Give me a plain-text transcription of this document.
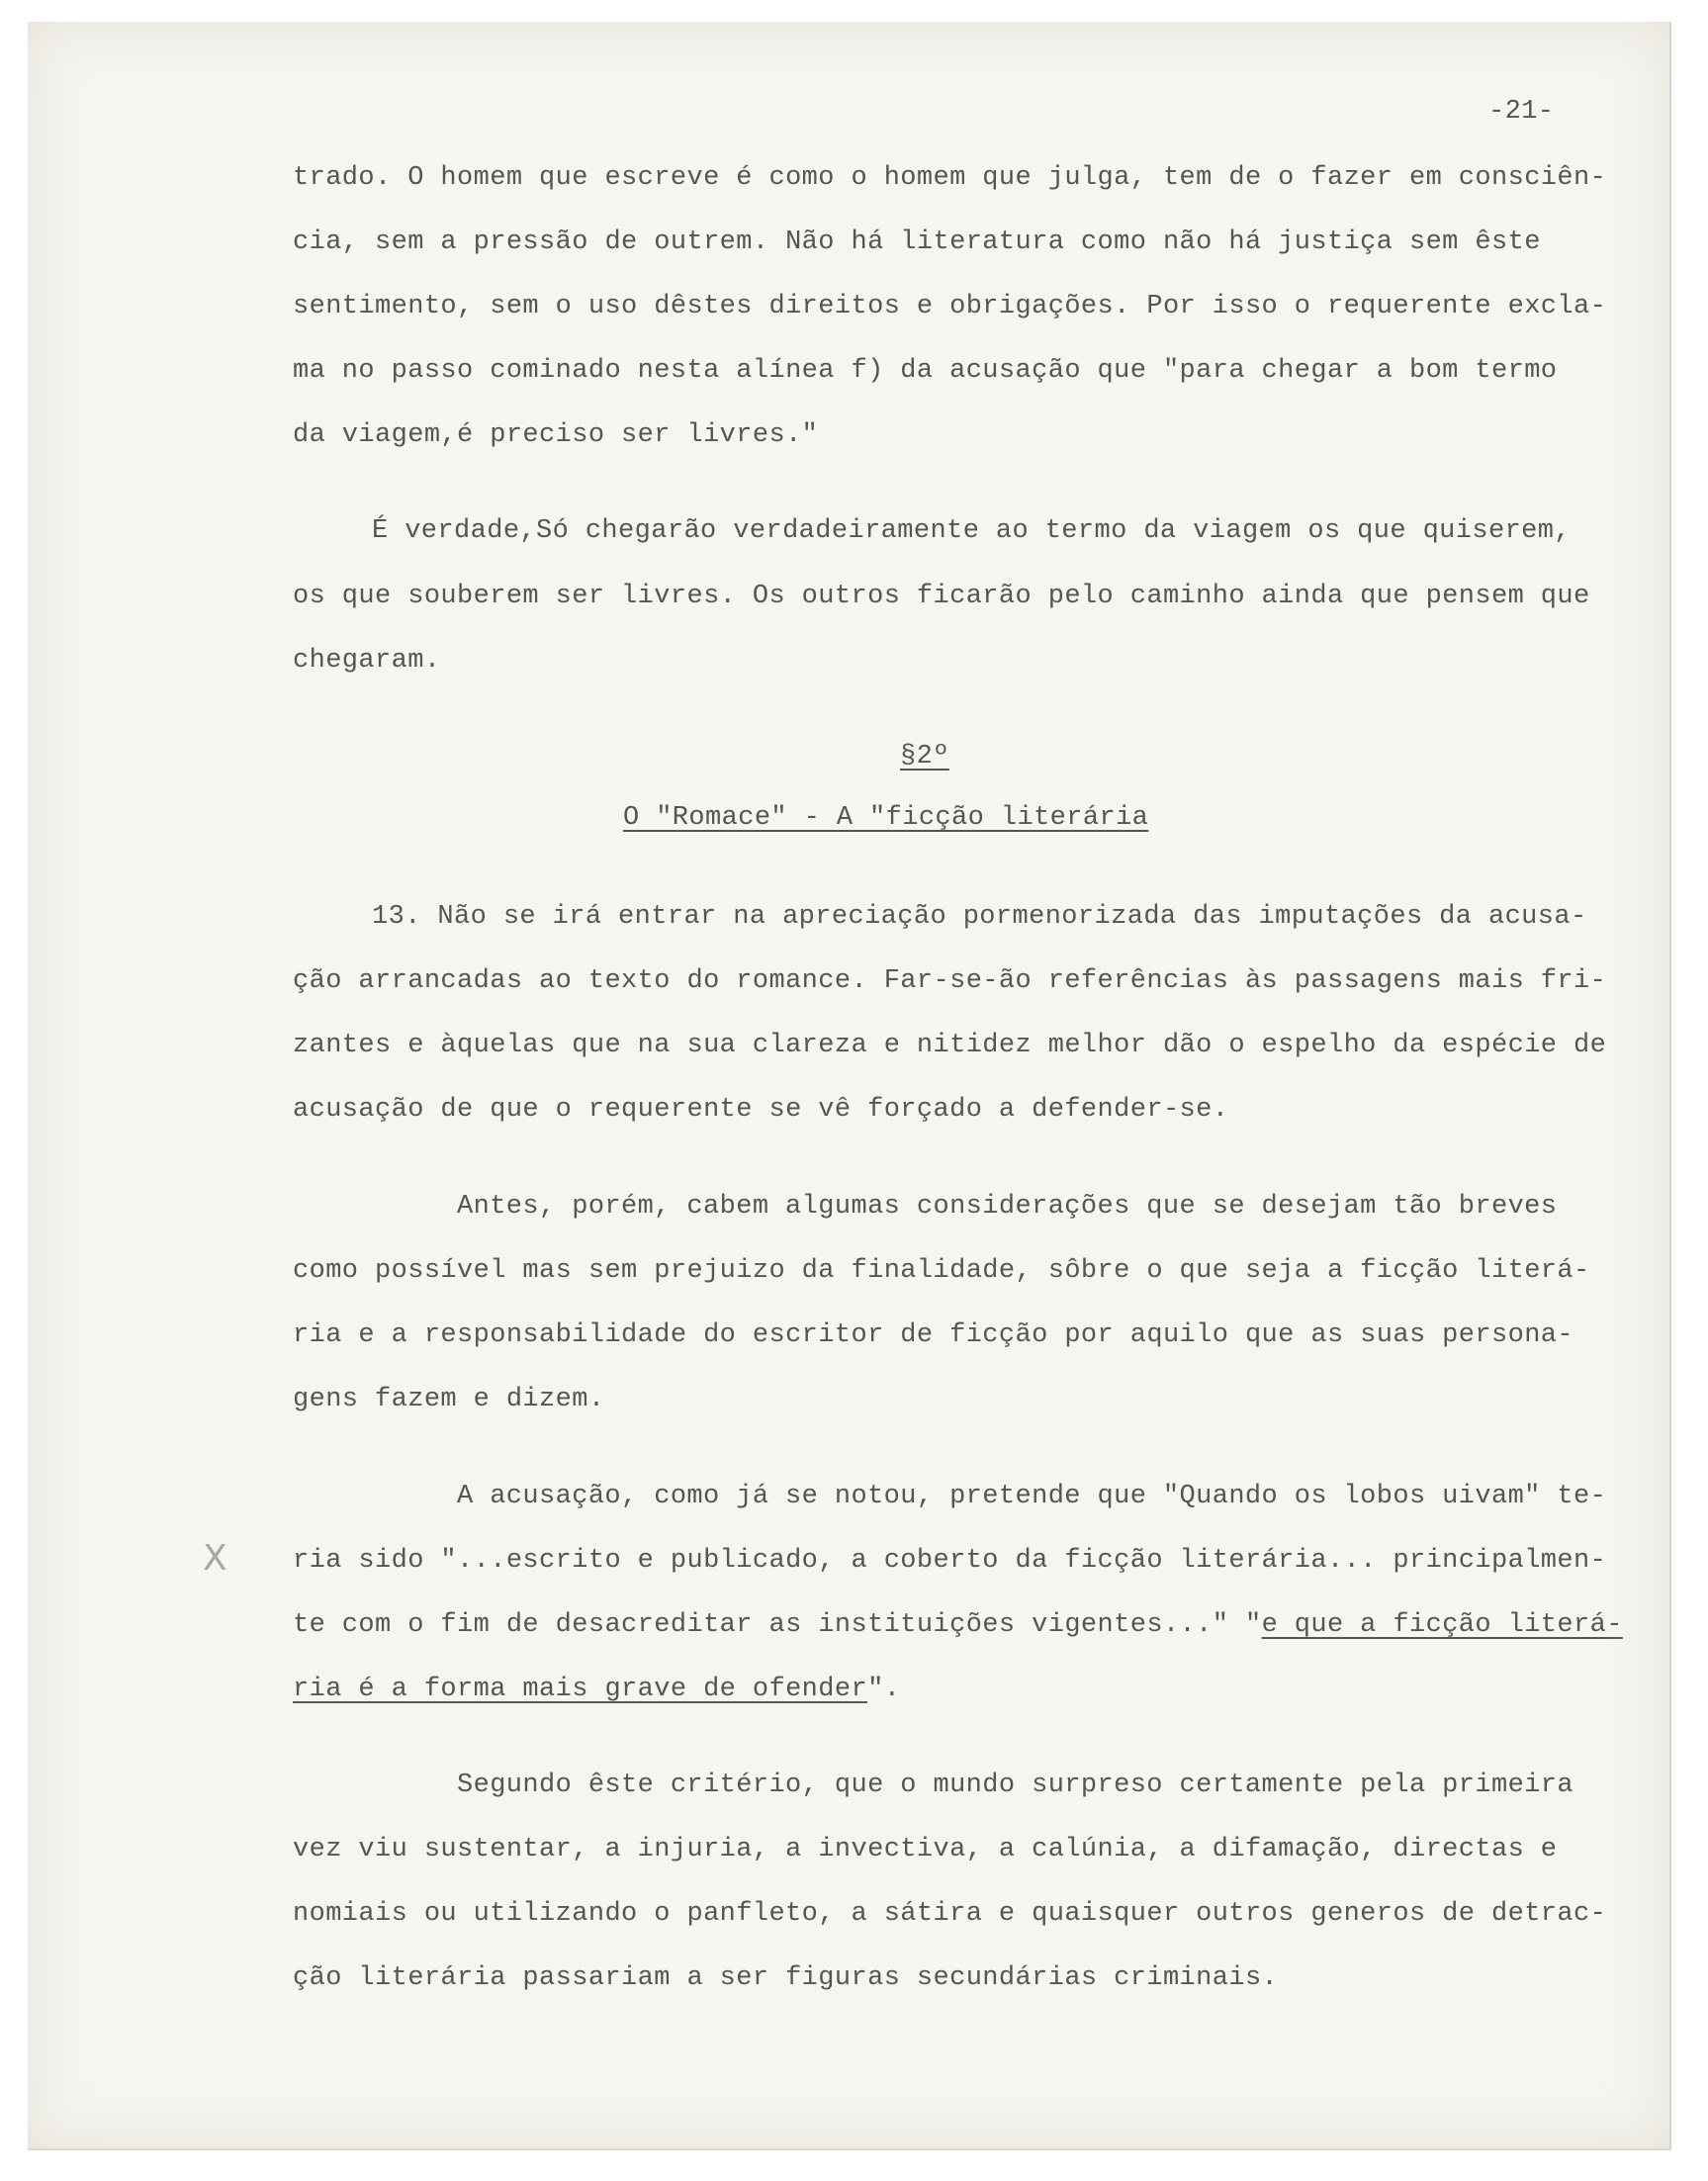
-21-
X
trado. O homem que escreve é como o homem que julga, tem de o fazer em consciên-
cia, sem a pressão de outrem. Não há literatura como não há justiça sem êste
sentimento, sem o uso dêstes direitos e obrigações. Por isso o requerente excla-
ma no passo cominado nesta alínea f) da acusação que "para chegar a bom termo
da viagem,é preciso ser livres."
É verdade,Só chegarão verdadeiramente ao termo da viagem os que quiserem,
os que souberem ser livres. Os outros ficarão pelo caminho ainda que pensem que
chegaram.
§2º
O "Romace" - A "ficção literária
13. Não se irá entrar na apreciação pormenorizada das imputações da acusa-
ção arrancadas ao texto do romance. Far-se-ão referências às passagens mais fri-
zantes e àquelas que na sua clareza e nitidez melhor dão o espelho da espécie de
acusação de que o requerente se vê forçado a defender-se.
Antes, porém, cabem algumas considerações que se desejam tão breves
como possível mas sem prejuizo da finalidade, sôbre o que seja a ficção literá-
ria e a responsabilidade do escritor de ficção por aquilo que as suas persona-
gens fazem e dizem.
A acusação, como já se notou, pretende que "Quando os lobos uivam" te-
ria sido "...escrito e publicado, a coberto da ficção literária... principalmen-
te com o fim de desacreditar as instituições vigentes..." "e que a ficção literá-
ria é a forma mais grave de ofender".
Segundo êste critério, que o mundo surpreso certamente pela primeira
vez viu sustentar, a injuria, a invectiva, a calúnia, a difamação, directas e
nomiais ou utilizando o panfleto, a sátira e quaisquer outros generos de detrac-
ção literária passariam a ser figuras secundárias criminais.
